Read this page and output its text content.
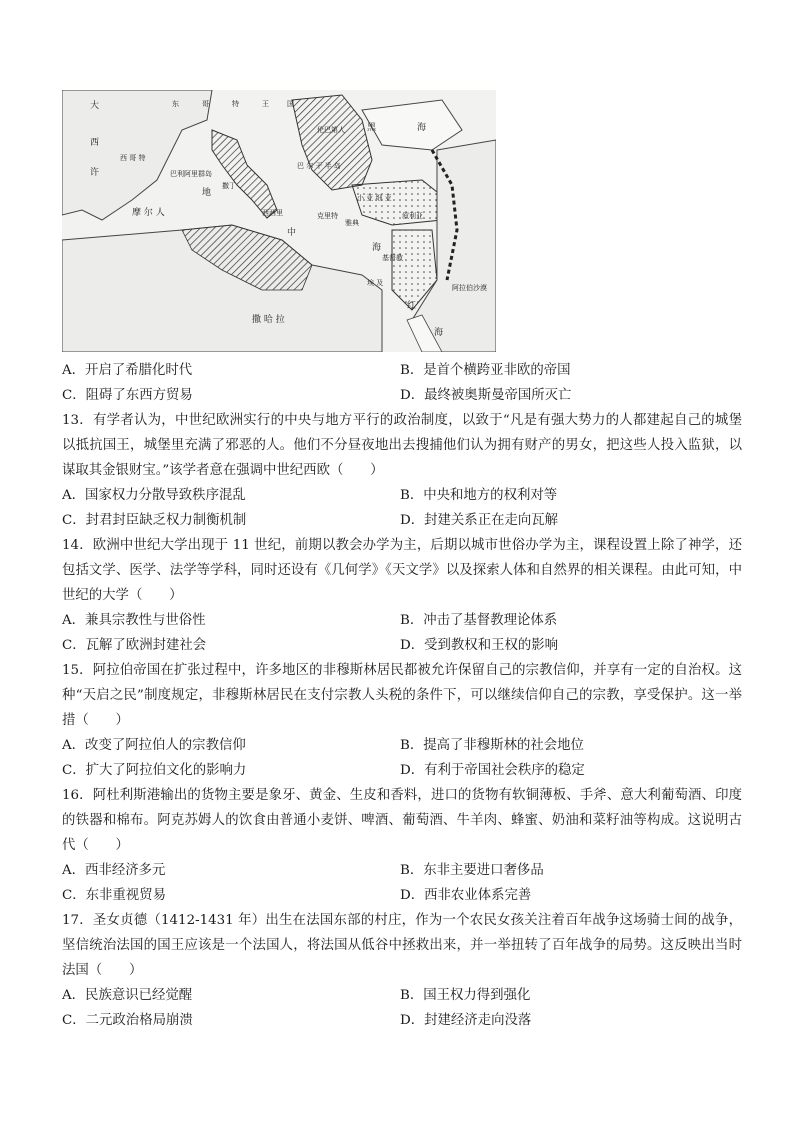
大
西
许
西 哥 特
东	哥	特	王	国
伦巴第人
巴利阿里群岛
地
撒丁
西西里
摩 尔 人
中
巴 尔 干 半 岛
黑	海
海
小 亚 细 亚
叙利亚
撒 哈 拉
埃 及
红
海
阿拉伯沙漠
雅典
基督教
克里特
A．开启了希腊化时代	B．是首个横跨亚非欧的帝国
C．阻碍了东西方贸易	D．最终被奥斯曼帝国所灭亡
13．有学者认为，中世纪欧洲实行的中央与地方平行的政治制度，以致于“凡是有强大势力的人都建起自己的城堡以抵抗国王，城堡里充满了邪恶的人。他们不分昼夜地出去搜捕他们认为拥有财产的男女，把这些人投入监狱，以谋取其金银财宝。”该学者意在强调中世纪西欧（　　）
A．国家权力分散导致秩序混乱	B．中央和地方的权利对等
C．封君封臣缺乏权力制衡机制	D．封建关系正在走向瓦解
14．欧洲中世纪大学出现于 11 世纪，前期以教会办学为主，后期以城市世俗办学为主，课程设置上除了神学，还包括文学、医学、法学等学科，同时还设有《几何学》《天文学》以及探索人体和自然界的相关课程。由此可知，中世纪的大学（　　）
A．兼具宗教性与世俗性	B．冲击了基督教理论体系
C．瓦解了欧洲封建社会	D．受到教权和王权的影响
15．阿拉伯帝国在扩张过程中，许多地区的非穆斯林居民都被允许保留自己的宗教信仰，并享有一定的自治权。这种“天启之民”制度规定，非穆斯林居民在支付宗教人头税的条件下，可以继续信仰自己的宗教，享受保护。这一举措（　　）
A．改变了阿拉伯人的宗教信仰	B．提高了非穆斯林的社会地位
C．扩大了阿拉伯文化的影响力	D．有利于帝国社会秩序的稳定
16．阿杜利斯港输出的货物主要是象牙、黄金、生皮和香料，进口的货物有软铜薄板、手斧、意大利葡萄酒、印度的铁器和棉布。阿克苏姆人的饮食由普通小麦饼、啤酒、葡萄酒、牛羊肉、蜂蜜、奶油和菜籽油等构成。这说明古代（　　）
A．西非经济多元	B．东非主要进口奢侈品
C．东非重视贸易	D．西非农业体系完善
17．圣女贞德（1412-1431 年）出生在法国东部的村庄，作为一个农民女孩关注着百年战争这场骑士间的战争，坚信统治法国的国王应该是一个法国人，将法国从低谷中拯救出来，并一举扭转了百年战争的局势。这反映出当时法国（　　）
A．民族意识已经觉醒	B．国王权力得到强化
C．二元政治格局崩溃	D．封建经济走向没落
